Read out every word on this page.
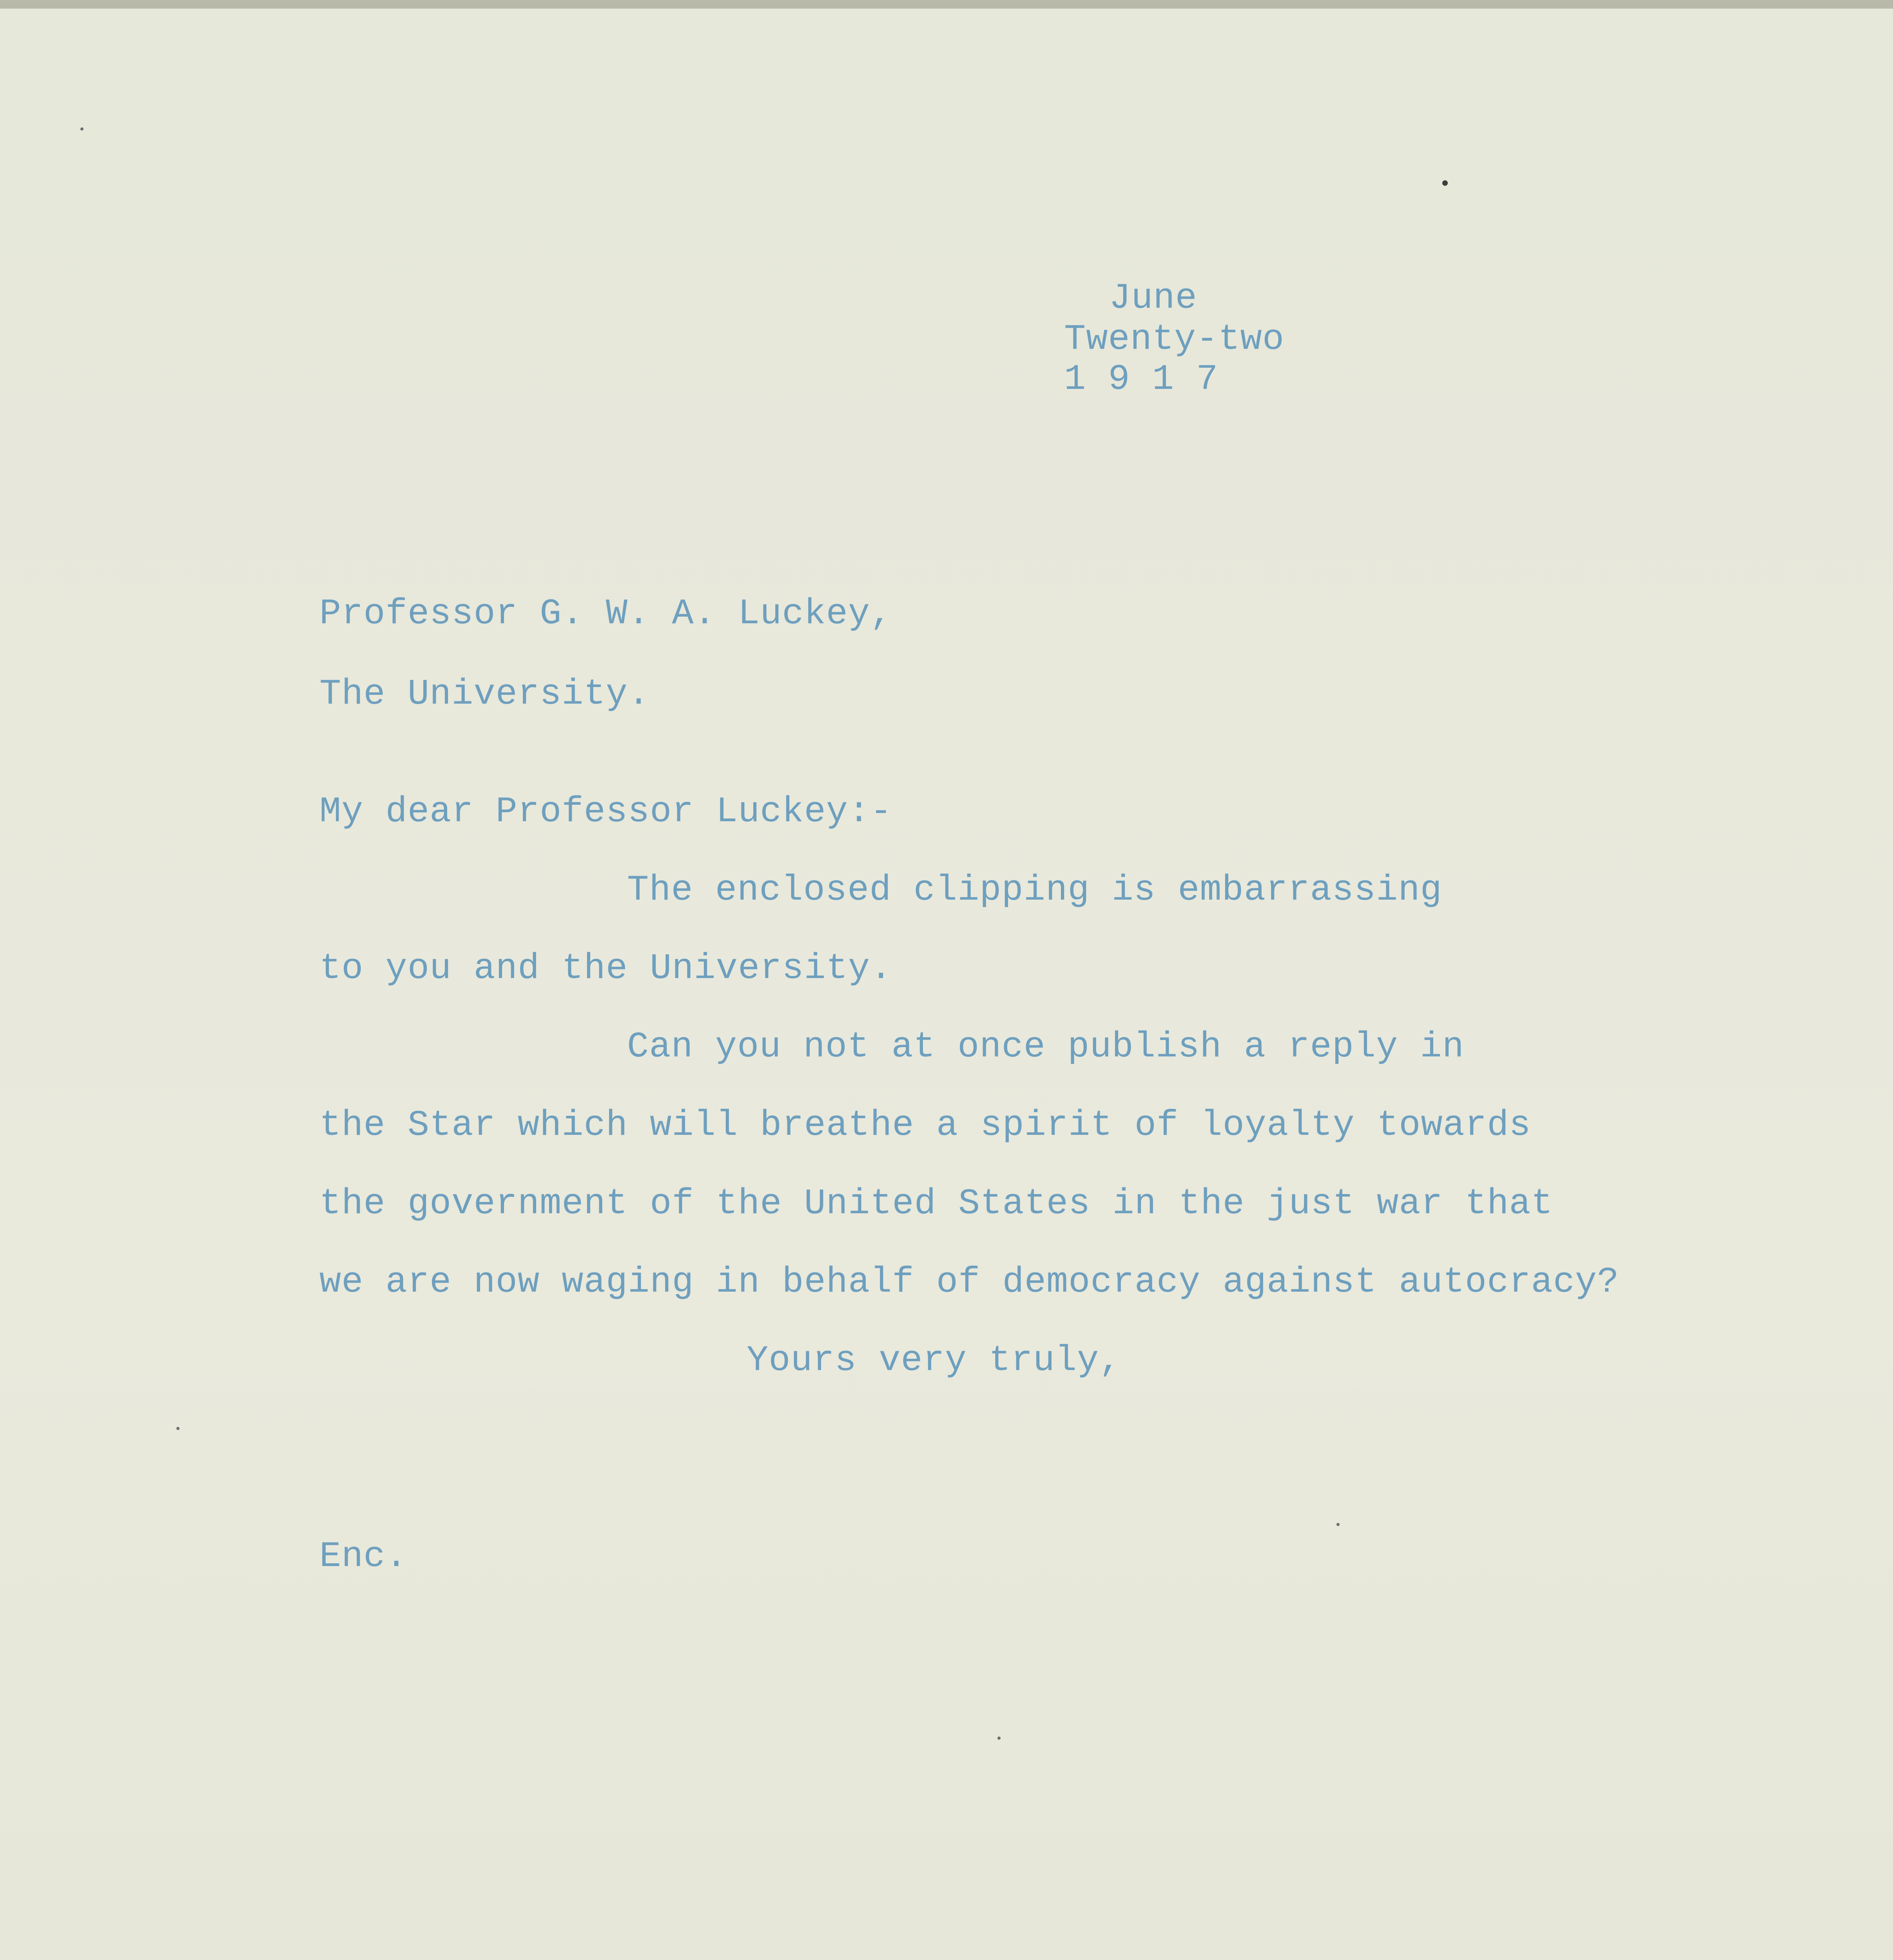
June
Twenty-two
1 9 1 7
Professor G. W. A. Luckey,
The University.
My dear Professor Luckey:-
The enclosed clipping is embarrassing
to you and the University.
Can you not at once publish a reply in
the Star which will breathe a spirit of loyalty towards
the government of the United States in the just war that
we are now waging in behalf of democracy against autocracy?
Yours very truly,
Enc.
